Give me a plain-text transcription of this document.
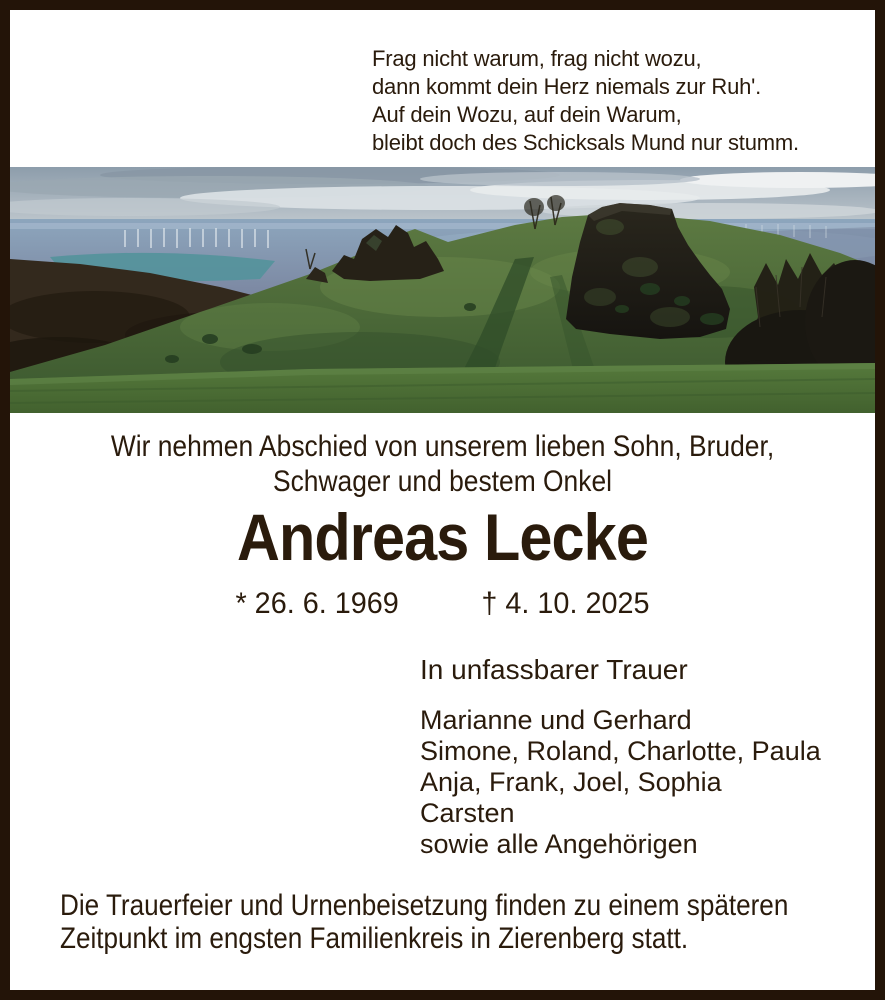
Frag nicht warum, frag nicht wozu,
dann kommt dein Herz niemals zur Ruh'.
Auf dein Wozu, auf dein Warum,
bleibt doch des Schicksals Mund nur stumm.
Wir nehmen Abschied von unserem lieben Sohn, Bruder,
Schwager und bestem Onkel
Andreas Lecke
* 26. 6. 1969	† 4. 10. 2025
In unfassbarer Trauer
Marianne und Gerhard
Simone, Roland, Charlotte, Paula
Anja, Frank, Joel, Sophia
Carsten
sowie alle Angehörigen
Die Trauerfeier und Urnenbeisetzung finden zu einem späteren
Zeitpunkt im engsten Familienkreis in Zierenberg statt.
